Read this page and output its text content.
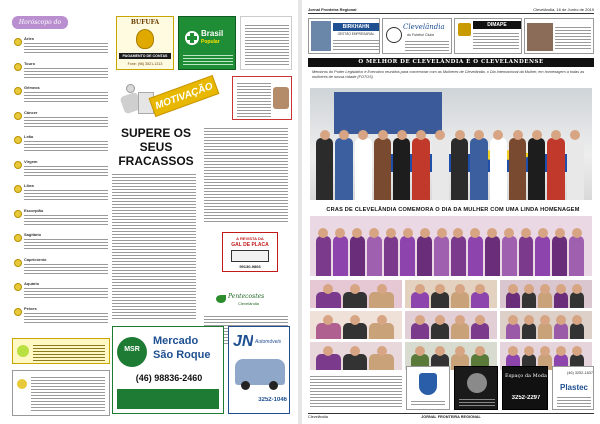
Horóscopo do Amor
Áries
Touro
Gêmeos
Câncer
Leão
Virgem
Libra
Escorpião
Sagitário
Capricórnio
Aquário
Peixes
BUFUFA
PAGAMENTO DE CONTAS
Fone: (96) 3521-1313
Brasil
Popular
MOTIVAÇÃO
SUPERE OS SEUS FRACASSOS
A REVISTA DA
GAL DE PLACA
99130-9866
Pentecostes
Clevelândia
MSR
Mercado
São Roque
(46) 98836-2460
JN Automóveis
3252-1046
Jornal Fronteira Regional	Clevelândia, 16 de Junho de 2019
BIRKHAHN
GESTÃO EMPRESARIAL
Clevelândia
do Futebol Clube
DIMAPE
O MELHOR DE CLEVELÂNDIA É O CLEVELANDENSE
Membros do Poder Legislativo e Executivo reunidos para comemorar com as Mulheres de Clevelândia, o Dia Internacional da Mulher, em homenagem a todas as mulheres de nossa cidade (FOTOS)
CRAS DE CLEVELÂNDIA COMEMORA O DIA DA MULHER COM UMA LINDA HOMENAGEM
Espaço da Moda
3252-2297
(46) 3252-1837
Plastec
Clevelândia	JORNAL FRONTEIRA REGIONAL
